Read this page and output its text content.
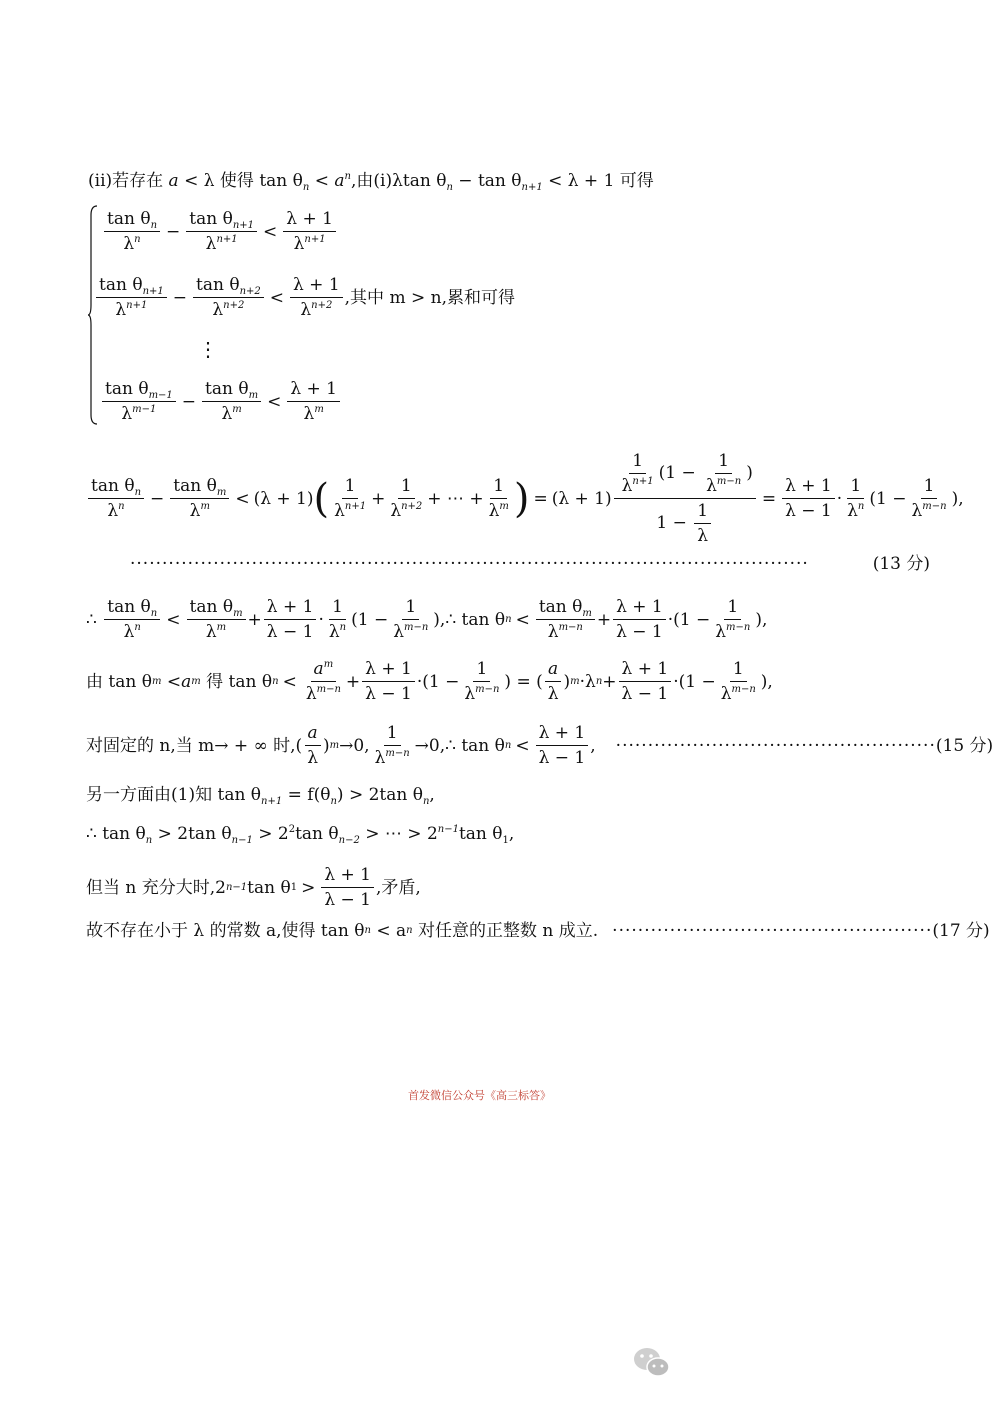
(ii)若存在 a < λ 使得 $\tan \theta_n < a^n$,由(i)λtan $\theta_n - \tan \theta_{n+1} < \lambda + 1$ 可得
$\frac{\tan \theta_n}{\lambda^n} - \frac{\tan \theta_{n+1}}{\lambda^{n+1}} < \frac{\lambda + 1}{\lambda^{n+1}}$
$\frac{\tan \theta_{n+1}}{\lambda^{n+1}} - \frac{\tan \theta_{n+2}}{\lambda^{n+2}} < \frac{\lambda + 1}{\lambda^{n+2}}$ ,其中 m > n,累和可得
⋮
$\frac{\tan \theta_{m-1}}{\lambda^{m-1}} - \frac{\tan \theta_m}{\lambda^m} < \frac{\lambda + 1}{\lambda^m}$
$\frac{\tan \theta_n}{\lambda^n} - \frac{\tan \theta_m}{\lambda^m} < (\lambda + 1)$ ( $\frac{1}{\lambda^{n+1}} + \frac{1}{\lambda^{n+2}}$ + ⋯ + $\frac{1}{\lambda^m}$ ) = $(\lambda + 1) \frac{\frac{1}{\lambda^{n+1}} (1 - \frac{1}{\lambda^{m-n}} )}{1 - \frac{1}{\lambda}} = \frac{\lambda + 1}{\lambda - 1} \cdot \frac{1}{\lambda^n} (1 - \frac{1}{\lambda^{m-n}}$ ) ,
··········································································································	(13 分)
∴
$\frac{\tan \theta_n}{\lambda^n} < \frac{\tan \theta_m}{\lambda^m} + \frac{\lambda + 1}{\lambda - 1} \cdot \frac{1}{\lambda^n} (1 - \frac{1}{\lambda^{m-n}}$ ),∴ tan θ $n < \frac{\tan \theta_m}{\lambda^{m-n}} + \frac{\lambda + 1}{\lambda - 1} \cdot(1 - \frac{1}{\lambda^{m-n}}$ ),
由 tan θ m < a m 得 tan θ $n < \frac{a^m}{\lambda^{m-n}} + \frac{\lambda + 1}{\lambda - 1} \cdot(1 - \frac{1}{\lambda^{m-n}}$ ) = ( $\frac{a}{\lambda}$ ) m ·λ $n + \frac{\lambda + 1}{\lambda - 1} \cdot(1 - \frac{1}{\lambda^{m-n}}$ ),
对固定的 n,当 m→ + ∞ 时, ( $\frac{a}{\lambda}$ ) m →0, $\frac{1}{\lambda^{m-n}}$ →0,∴ tan θ $n < \frac{\lambda + 1}{\lambda - 1}$ , ·················································· (15 分)
另一方面由(1)知 $\tan \theta_{n+1} = f(\theta_n) > 2\tan$ $\theta_n$,
∴ $\tan \theta_n > 2\tan$ $\theta_{n-1} > 2^2\tan$ $\theta_{n-2}$ > ⋯ > $2^{n-1}\tan$ $\theta_1$,
但当 n 充分大时,2 n−1 tan θ $1 > \frac{\lambda + 1}{\lambda - 1}$ ,矛盾,
故不存在小于 λ 的常数 a,使得 tan θ n
< a n
对任意的正整数 n 成立. ·················································· (17 分)
首发微信公众号《高三标答》
